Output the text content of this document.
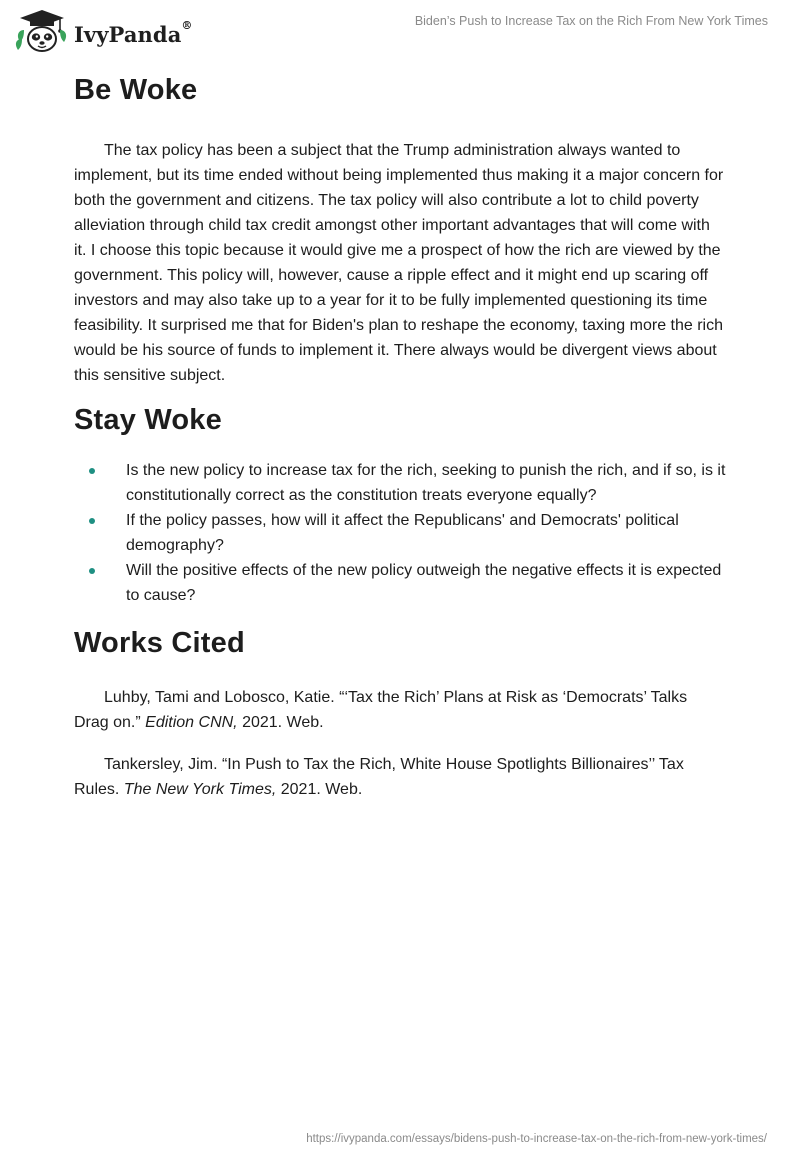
IvyPanda®	Biden’s Push to Increase Tax on the Rich From New York Times
Be Woke

The tax policy has been a subject that the Trump administration always wanted to implement, but its time ended without being implemented thus making it a major concern for both the government and citizens. The tax policy will also contribute a lot to child poverty alleviation through child tax credit amongst other important advantages that will come with it. I choose this topic because it would give me a prospect of how the rich are viewed by the government. This policy will, however, cause a ripple effect and it might end up scaring off investors and may also take up to a year for it to be fully implemented questioning its time feasibility. It surprised me that for Biden's plan to reshape the economy, taxing more the rich would be his source of funds to implement it. There always would be divergent views about this sensitive subject.

Stay Woke
Is the new policy to increase tax for the rich, seeking to punish the rich, and if so, is it constitutionally correct as the constitution treats everyone equally?
If the policy passes, how will it affect the Republicans' and Democrats' political demography?
Will the positive effects of the new policy outweigh the negative effects it is expected to cause?
Works Cited

Luhby, Tami and Lobosco, Katie. “‘Tax the Rich’ Plans at Risk as ‘Democrats’ Talks Drag on.” Edition CNN, 2021. Web.

Tankersley, Jim. “In Push to Tax the Rich, White House Spotlights Billionaires’’ Tax Rules. The New York Times, 2021. Web.

https://ivypanda.com/essays/bidens-push-to-increase-tax-on-the-rich-from-new-york-times/
